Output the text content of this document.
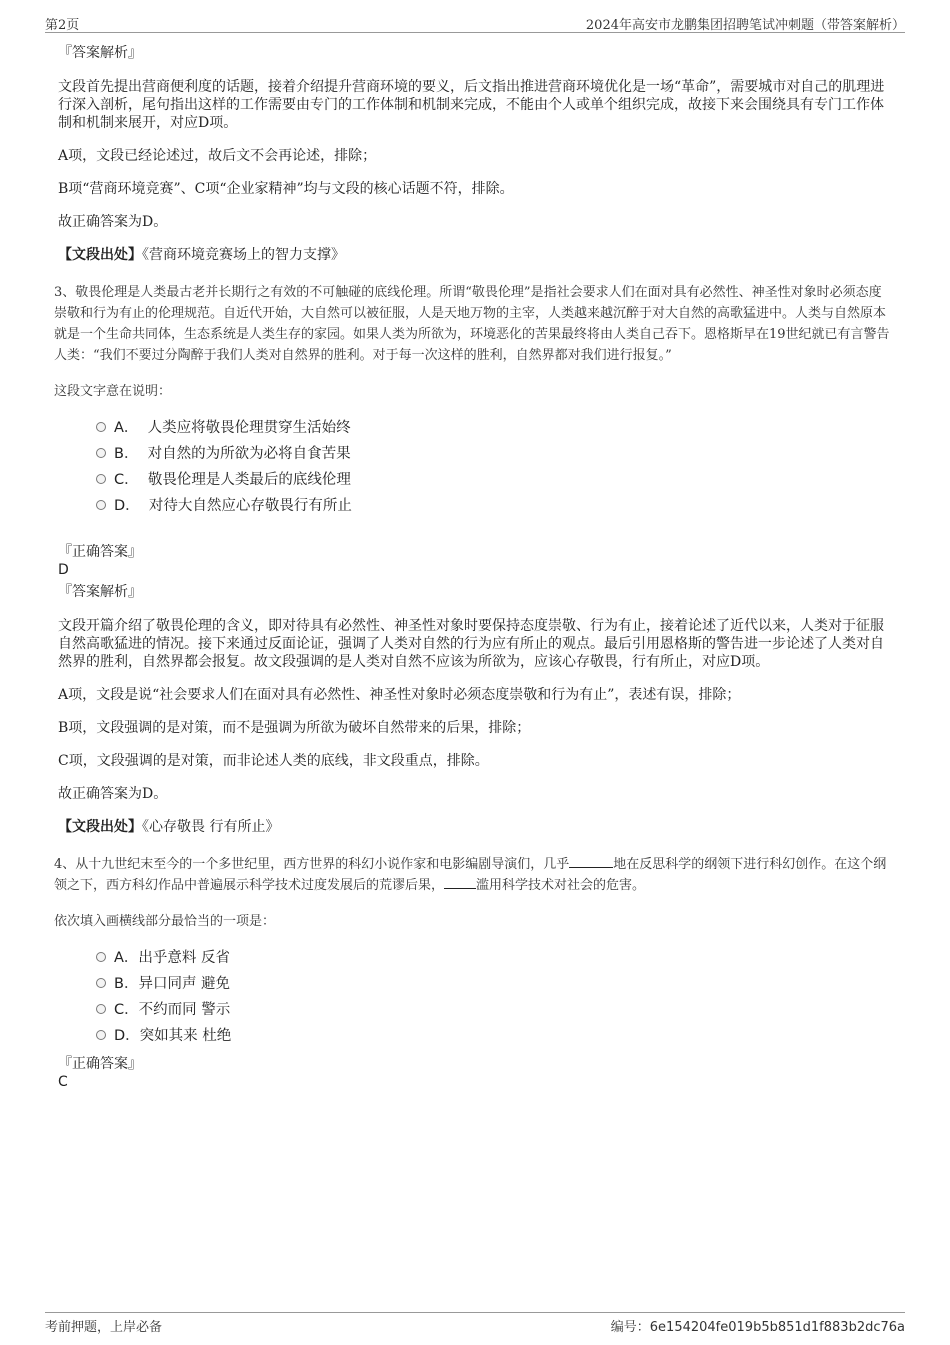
第2页	2024年高安市龙鹏集团招聘笔试冲刺题（带答案解析）
『答案解析』
文段首先提出营商便利度的话题，接着介绍提升营商环境的要义，后文指出推进营商环境优化是一场“革命”，需要城市对自己的肌理进行深入剖析，尾句指出这样的工作需要由专门的工作体制和机制来完成，不能由个人或单个组织完成，故接下来会围绕具有专门工作体制和机制来展开，对应D项。
A项，文段已经论述过，故后文不会再论述，排除；
B项“营商环境竞赛”、C项“企业家精神”均与文段的核心话题不符，排除。
故正确答案为D。
【文段出处】《营商环境竞赛场上的智力支撑》
3、敬畏伦理是人类最古老并长期行之有效的不可触碰的底线伦理。所谓“敬畏伦理”是指社会要求人们在面对具有必然性、神圣性对象时必须态度崇敬和行为有止的伦理规范。自近代开始，大自然可以被征服，人是天地万物的主宰，人类越来越沉醉于对大自然的高歌猛进中。人类与自然原本就是一个生命共同体，生态系统是人类生存的家园。如果人类为所欲为，环境恶化的苦果最终将由人类自己吞下。恩格斯早在19世纪就已有言警告人类：“我们不要过分陶醉于我们人类对自然界的胜利。对于每一次这样的胜利，自然界都对我们进行报复。”
这段文字意在说明：
A． 人类应将敬畏伦理贯穿生活始终
B． 对自然的为所欲为必将自食苦果
C． 敬畏伦理是人类最后的底线伦理
D． 对待大自然应心存敬畏行有所止
『正确答案』
D
『答案解析』
文段开篇介绍了敬畏伦理的含义，即对待具有必然性、神圣性对象时要保持态度崇敬、行为有止，接着论述了近代以来，人类对于征服自然高歌猛进的情况。接下来通过反面论证，强调了人类对自然的行为应有所止的观点。最后引用恩格斯的警告进一步论述了人类对自然界的胜利，自然界都会报复。故文段强调的是人类对自然不应该为所欲为，应该心存敬畏，行有所止，对应D项。
A项，文段是说“社会要求人们在面对具有必然性、神圣性对象时必须态度崇敬和行为有止”，表述有误，排除；
B项，文段强调的是对策，而不是强调为所欲为破坏自然带来的后果，排除；
C项，文段强调的是对策，而非论述人类的底线，非文段重点，排除。
故正确答案为D。
【文段出处】《心存敬畏 行有所止》
4、从十九世纪末至今的一个多世纪里，西方世界的科幻小说作家和电影编剧导演们，几乎	地在反思科学的纲领下进行科幻创作。在这个纲领之下，西方科幻作品中普遍展示科学技术过度发展后的荒谬后果， 滥用科学技术对社会的危害。
依次填入画横线部分最恰当的一项是：
A．出乎意料 反省
B．异口同声 避免
C．不约而同 警示
D．突如其来 杜绝
『正确答案』
C
考前押题，上岸必备	编号：6e154204fe019b5b851d1f883b2dc76a
